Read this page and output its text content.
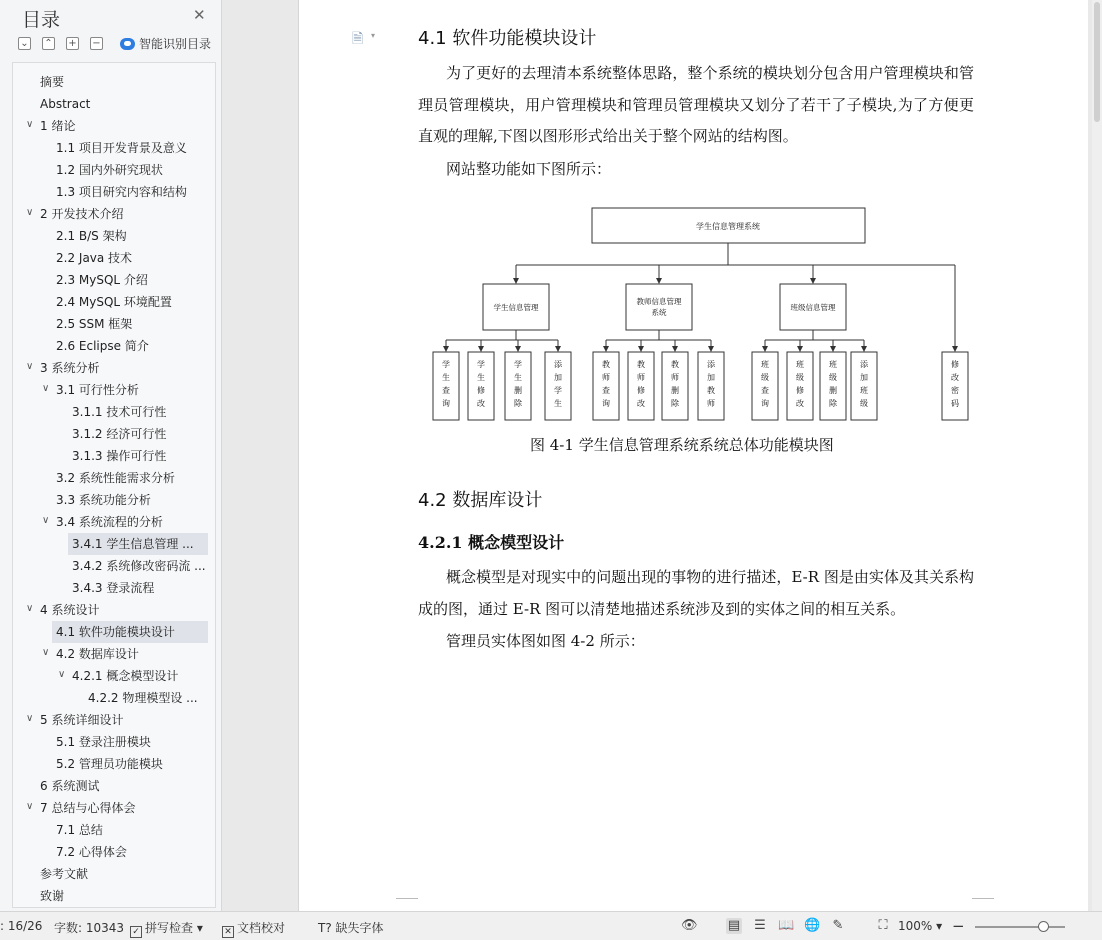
目录	✕
⌄ ⌃ + −	智能识别目录
摘要
Abstract
∨ 1 绪论
1.1 项目开发背景及意义
1.2 国内外研究现状
1.3 项目研究内容和结构
∨ 2 开发技术介绍
2.1 B/S 架构
2.2 Java 技术
2.3 MySQL 介绍
2.4 MySQL 环境配置
2.5 SSM 框架
2.6 Eclipse 简介
∨ 3 系统分析
∨ 3.1 可行性分析
3.1.1 技术可行性
3.1.2 经济可行性
3.1.3 操作可行性
3.2 系统性能需求分析
3.3 系统功能分析
∨ 3.4 系统流程的分析
3.4.1 学生信息管理 ...
3.4.2 系统修改密码流 ...
3.4.3 登录流程
∨ 4 系统设计
4.1 软件功能模块设计
∨ 4.2 数据库设计
∨ 4.2.1 概念模型设计
4.2.2 物理模型设 ...
∨ 5 系统详细设计
5.1 登录注册模块
5.2 管理员功能模块
6 系统测试
∨ 7 总结与心得体会
7.1 总结
7.2 心得体会
参考文献
致谢
🗎 ▾ 4.1 软件功能模块设计
为了更好的去理清本系统整体思路，整个系统的模块划分包含用户管理模块和管理员管理模块，用户管理模块和管理员管理模块又划分了若干了子模块,为了方便更直观的理解,下图以图形形式给出关于整个网站的结构图。
网站整功能如下图所示：
学生信息管理系统
学生信息管理
学
生
查
询
学
生
修
改
学
生
删
除
添
加
学
生
教师信息管理
系统
教
师
查
询
教
师
修
改
教
师
删
除
添
加
教
师
班级信息管理
班
级
查
询
班
级
修
改
班
级
删
除
添
加
班
级
修
改
密
码
图 4-1 学生信息管理系统系统总体功能模块图
4.2 数据库设计
4.2.1 概念模型设计
概念模型是对现实中的问题出现的事物的进行描述，E-R 图是由实体及其关系构成的图，通过 E-R 图可以清楚地描述系统涉及到的实体之间的相互关系。
管理员实体图如图 4-2 所示：
: 16/26 字数: 10343 ✓ 拼写检查 ▾ ✕ 文档校对	T? 缺失字体	👁 ▤ ☰ 📖 🌐 ✎	⛶ 100% ▾ −
